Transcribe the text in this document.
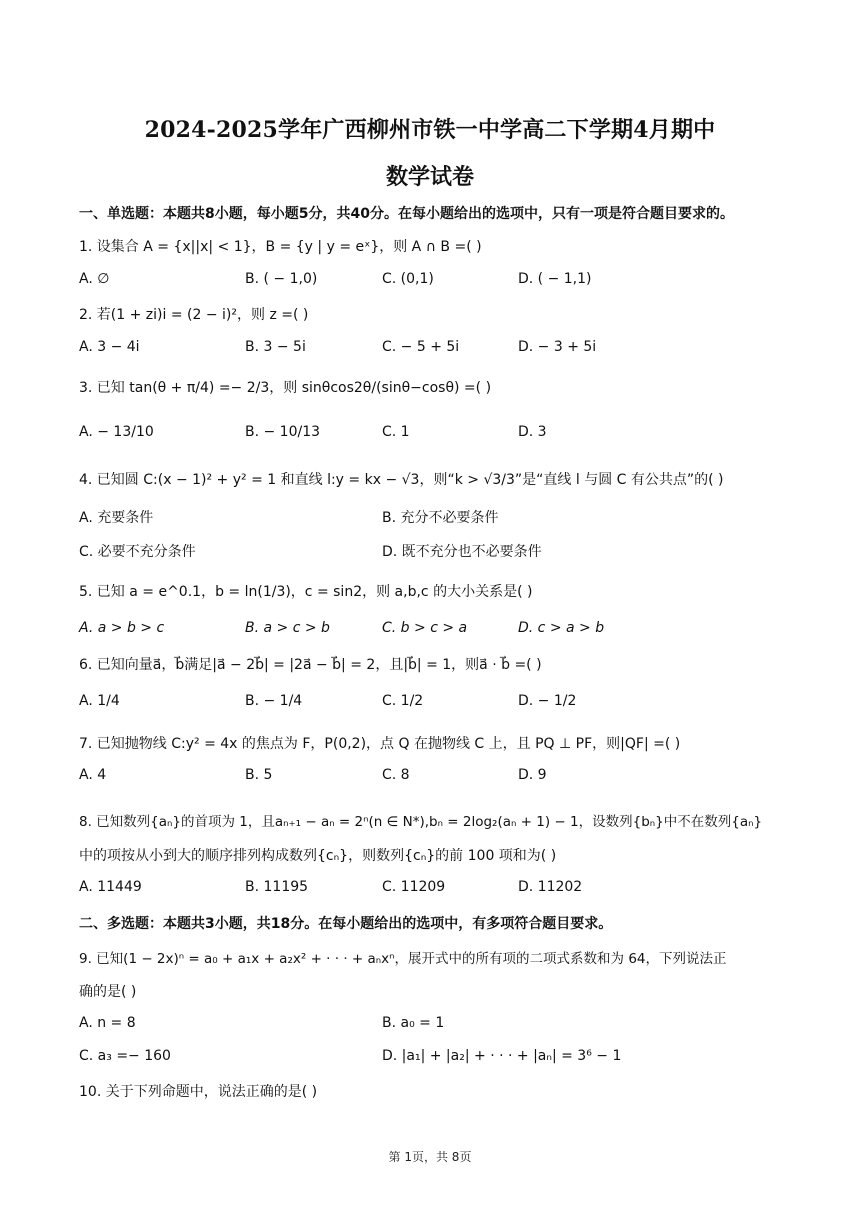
2024-2025学年广西柳州市铁一中学高二下学期4月期中
数学试卷
一、单选题：本题共8小题，每小题5分，共40分。在每小题给出的选项中，只有一项是符合题目要求的。
1. 设集合 A = {x||x| < 1}，B = {y | y = eˣ}，则 A ∩ B =( )
A. ∅	B. ( − 1,0)	C. (0,1)	D. ( − 1,1)
2. 若(1 + zi)i = (2 − i)²，则 z =( )
A. 3 − 4i	B. 3 − 5i	C. − 5 + 5i	D. − 3 + 5i
3. 已知 tan(θ + π/4) =− 2/3，则 sinθcos2θ/(sinθ−cosθ) =( )
A. − 13/10	B. − 10/13	C. 1	D. 3
4. 已知圆 C:(x − 1)² + y² = 1 和直线 l:y = kx − √3，则“k > √3/3”是“直线 l 与圆 C 有公共点”的( )
A. 充要条件	B. 充分不必要条件
C. 必要不充分条件	D. 既不充分也不必要条件
5. 已知 a = e^0.1，b = ln(1/3)，c = sin2，则 a,b,c 的大小关系是( )
A. a > b > c	B. a > c > b	C. b > c > a	D. c > a > b
6. 已知向量a⃗，b⃗满足|a⃗ − 2b⃗| = |2a⃗ − b⃗| = 2，且|b⃗| = 1，则a⃗ · b⃗ =( )
A. 1/4	B. − 1/4	C. 1/2	D. − 1/2
7. 已知抛物线 C:y² = 4x 的焦点为 F，P(0,2)，点 Q 在抛物线 C 上，且 PQ ⊥ PF，则|QF| =( )
A. 4	B. 5	C. 8	D. 9
8. 已知数列{aₙ}的首项为 1，且aₙ₊₁ − aₙ = 2ⁿ(n ∈ N*),bₙ = 2log₂(aₙ + 1) − 1，设数列{bₙ}中不在数列{aₙ}
中的项按从小到大的顺序排列构成数列{cₙ}，则数列{cₙ}的前 100 项和为( )
A. 11449	B. 11195	C. 11209	D. 11202
二、多选题：本题共3小题，共18分。在每小题给出的选项中，有多项符合题目要求。
9. 已知(1 − 2x)ⁿ = a₀ + a₁x + a₂x² + · · · + aₙxⁿ，展开式中的所有项的二项式系数和为 64，下列说法正
确的是( )
A. n = 8	B. a₀ = 1
C. a₃ =− 160	D. |a₁| + |a₂| + · · · + |aₙ| = 3⁶ − 1
10. 关于下列命题中，说法正确的是( )
第 1页，共 8页
